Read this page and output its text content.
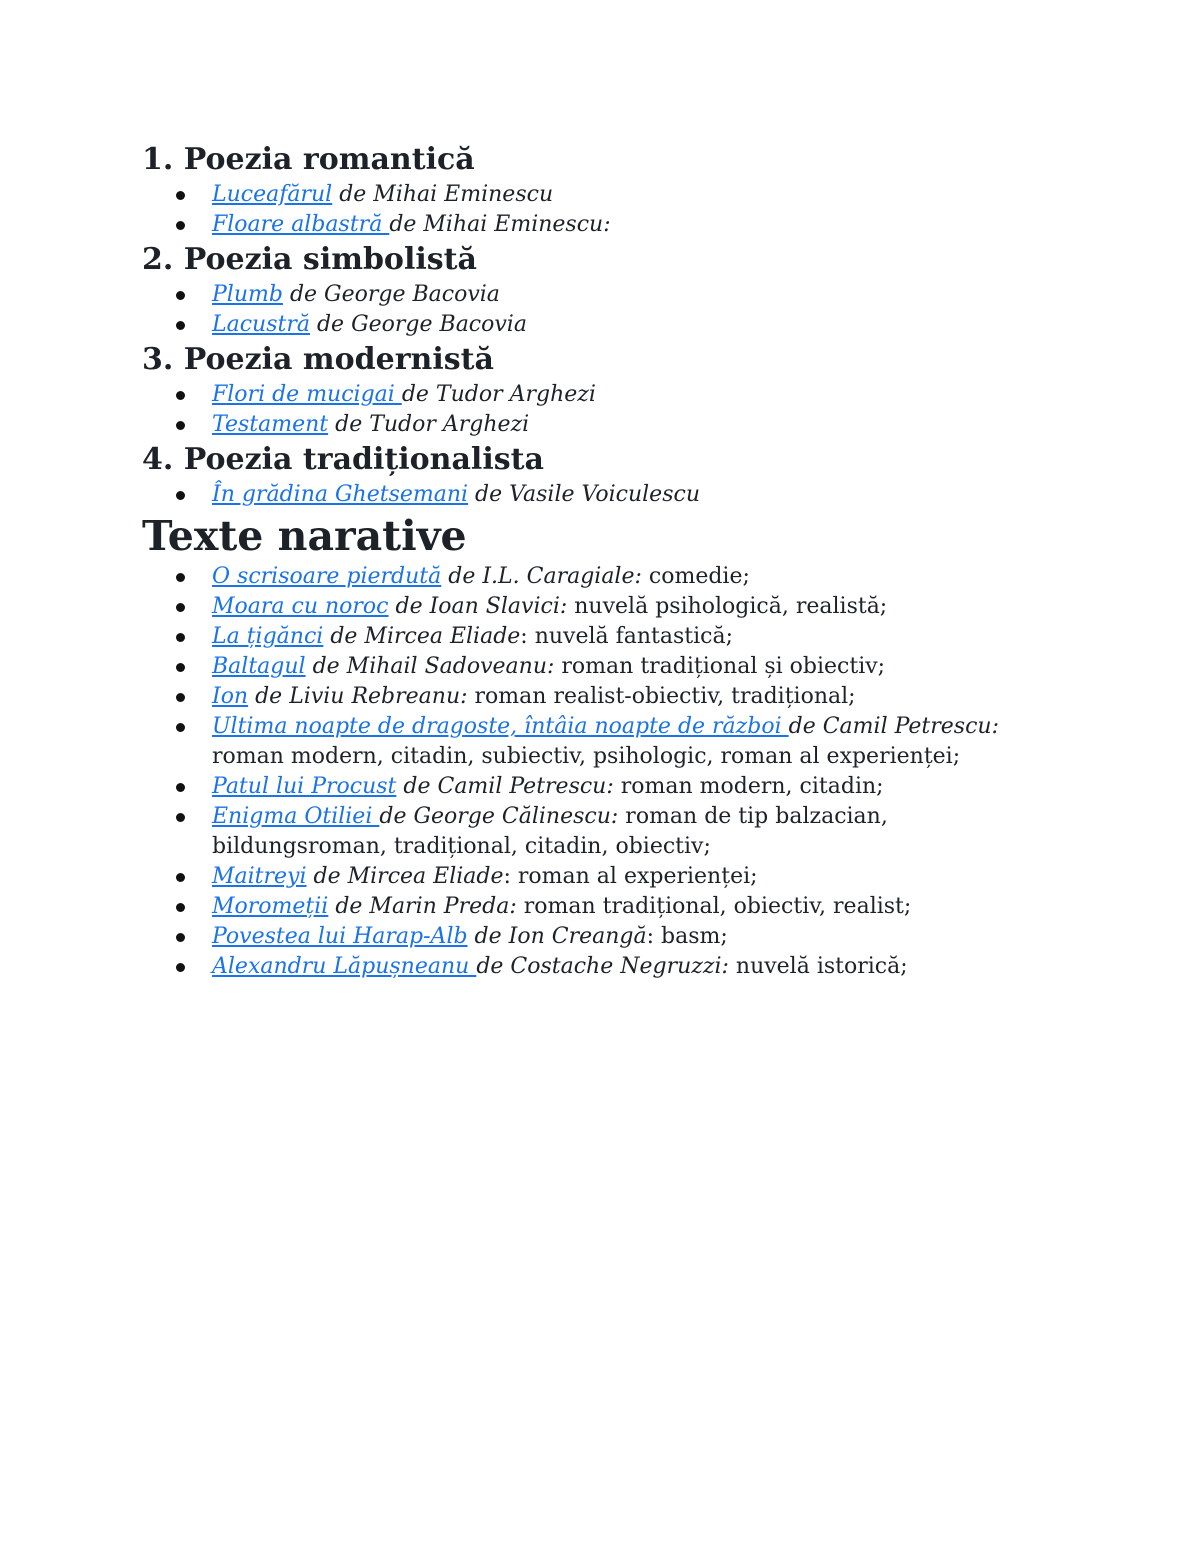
1. Poezia romantică
Luceafărul de Mihai Eminescu
Floare albastră de Mihai Eminescu:
2. Poezia simbolistă
Plumb de George Bacovia
Lacustră de George Bacovia
3. Poezia modernistă
Flori de mucigai de Tudor Arghezi
Testament de Tudor Arghezi
4. Poezia tradiționalista
În grădina Ghetsemani de Vasile Voiculescu
Texte narative
O scrisoare pierdută de I.L. Caragiale: comedie;
Moara cu noroc de Ioan Slavici: nuvelă psihologică, realistă;
La țigănci de Mircea Eliade: nuvelă fantastică;
Baltagul de Mihail Sadoveanu: roman tradițional și obiectiv;
Ion de Liviu Rebreanu: roman realist-obiectiv, tradițional;
Ultima noapte de dragoste, întâia noapte de război de Camil Petrescu: roman modern, citadin, subiectiv, psihologic, roman al experienței;
Patul lui Procust de Camil Petrescu: roman modern, citadin;
Enigma Otiliei de George Călinescu: roman de tip balzacian, bildungsroman, tradițional, citadin, obiectiv;
Maitreyi de Mircea Eliade: roman al experienței;
Moromeții de Marin Preda: roman tradițional, obiectiv, realist;
Povestea lui Harap-Alb de Ion Creangă: basm;
Alexandru Lăpușneanu de Costache Negruzzi: nuvelă istorică;
